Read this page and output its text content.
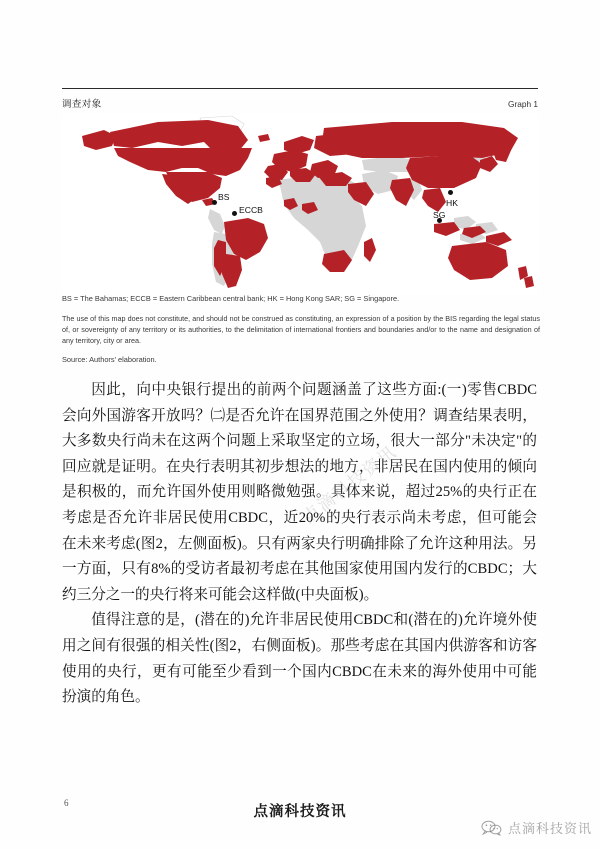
调查对象	Graph 1
BS
ECCB
HK
SG
BS = The Bahamas; ECCB = Eastern Caribbean central bank; HK = Hong Kong SAR; SG = Singapore.
The use of this map does not constitute, and should not be construed as constituting, an expression of a position by the BIS regarding the legal status of, or sovereignty of any territory or its authorities, to the delimitation of international frontiers and boundaries and/or to the name and designation of any territory, city or area.
Source: Authors' elaboration.

因此，向中央银行提出的前两个问题涵盖了这些方面:(一)零售CBDC会向外国游客开放吗？㈡是否允许在国界范围之外使用？调查结果表明，大多数央行尚未在这两个问题上采取坚定的立场，很大一部分"未决定"的回应就是证明。在央行表明其初步想法的地方，非居民在国内使用的倾向是积极的，而允许国外使用则略微勉强。具体来说，超过25%的央行正在考虑是否允许非居民使用CBDC，近20%的央行表示尚未考虑，但可能会在未来考虑(图2，左侧面板)。只有两家央行明确排除了允许这种用法。另一方面，只有8%的受访者最初考虑在其他国家使用国内发行的CBDC；大约三分之一的央行将来可能会这样做(中央面板)。

值得注意的是，(潜在的)允许非居民使用CBDC和(潜在的)允许境外使用之间有很强的相关性(图2，右侧面板)。那些考虑在其国内供游客和访客使用的央行，更有可能至少看到一个国内CBDC在未来的海外使用中可能扮演的角色。

点滴科技资讯
6
点滴科技资讯
点滴科技资讯
